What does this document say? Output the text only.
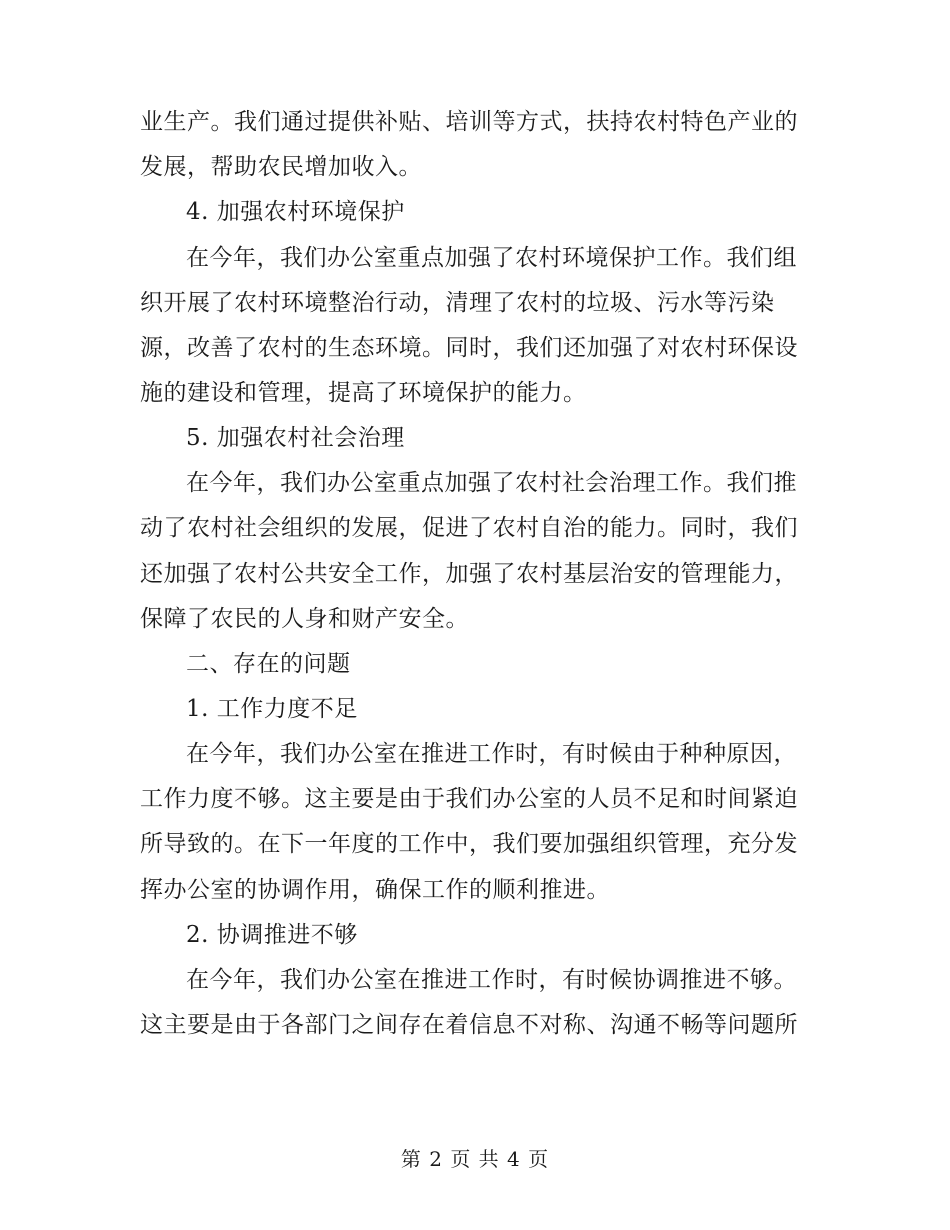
业生产。我们通过提供补贴、培训等方式，扶持农村特色产业的
发展，帮助农民增加收入。
4. 加强农村环境保护
在今年，我们办公室重点加强了农村环境保护工作。我们组
织开展了农村环境整治行动，清理了农村的垃圾、污水等污染
源，改善了农村的生态环境。同时，我们还加强了对农村环保设
施的建设和管理，提高了环境保护的能力。
5. 加强农村社会治理
在今年，我们办公室重点加强了农村社会治理工作。我们推
动了农村社会组织的发展，促进了农村自治的能力。同时，我们
还加强了农村公共安全工作，加强了农村基层治安的管理能力，
保障了农民的人身和财产安全。
二、存在的问题
1. 工作力度不足
在今年，我们办公室在推进工作时，有时候由于种种原因，
工作力度不够。这主要是由于我们办公室的人员不足和时间紧迫
所导致的。在下一年度的工作中，我们要加强组织管理，充分发
挥办公室的协调作用，确保工作的顺利推进。
2. 协调推进不够
在今年，我们办公室在推进工作时，有时候协调推进不够。
这主要是由于各部门之间存在着信息不对称、沟通不畅等问题所
第 2 页 共 4 页
